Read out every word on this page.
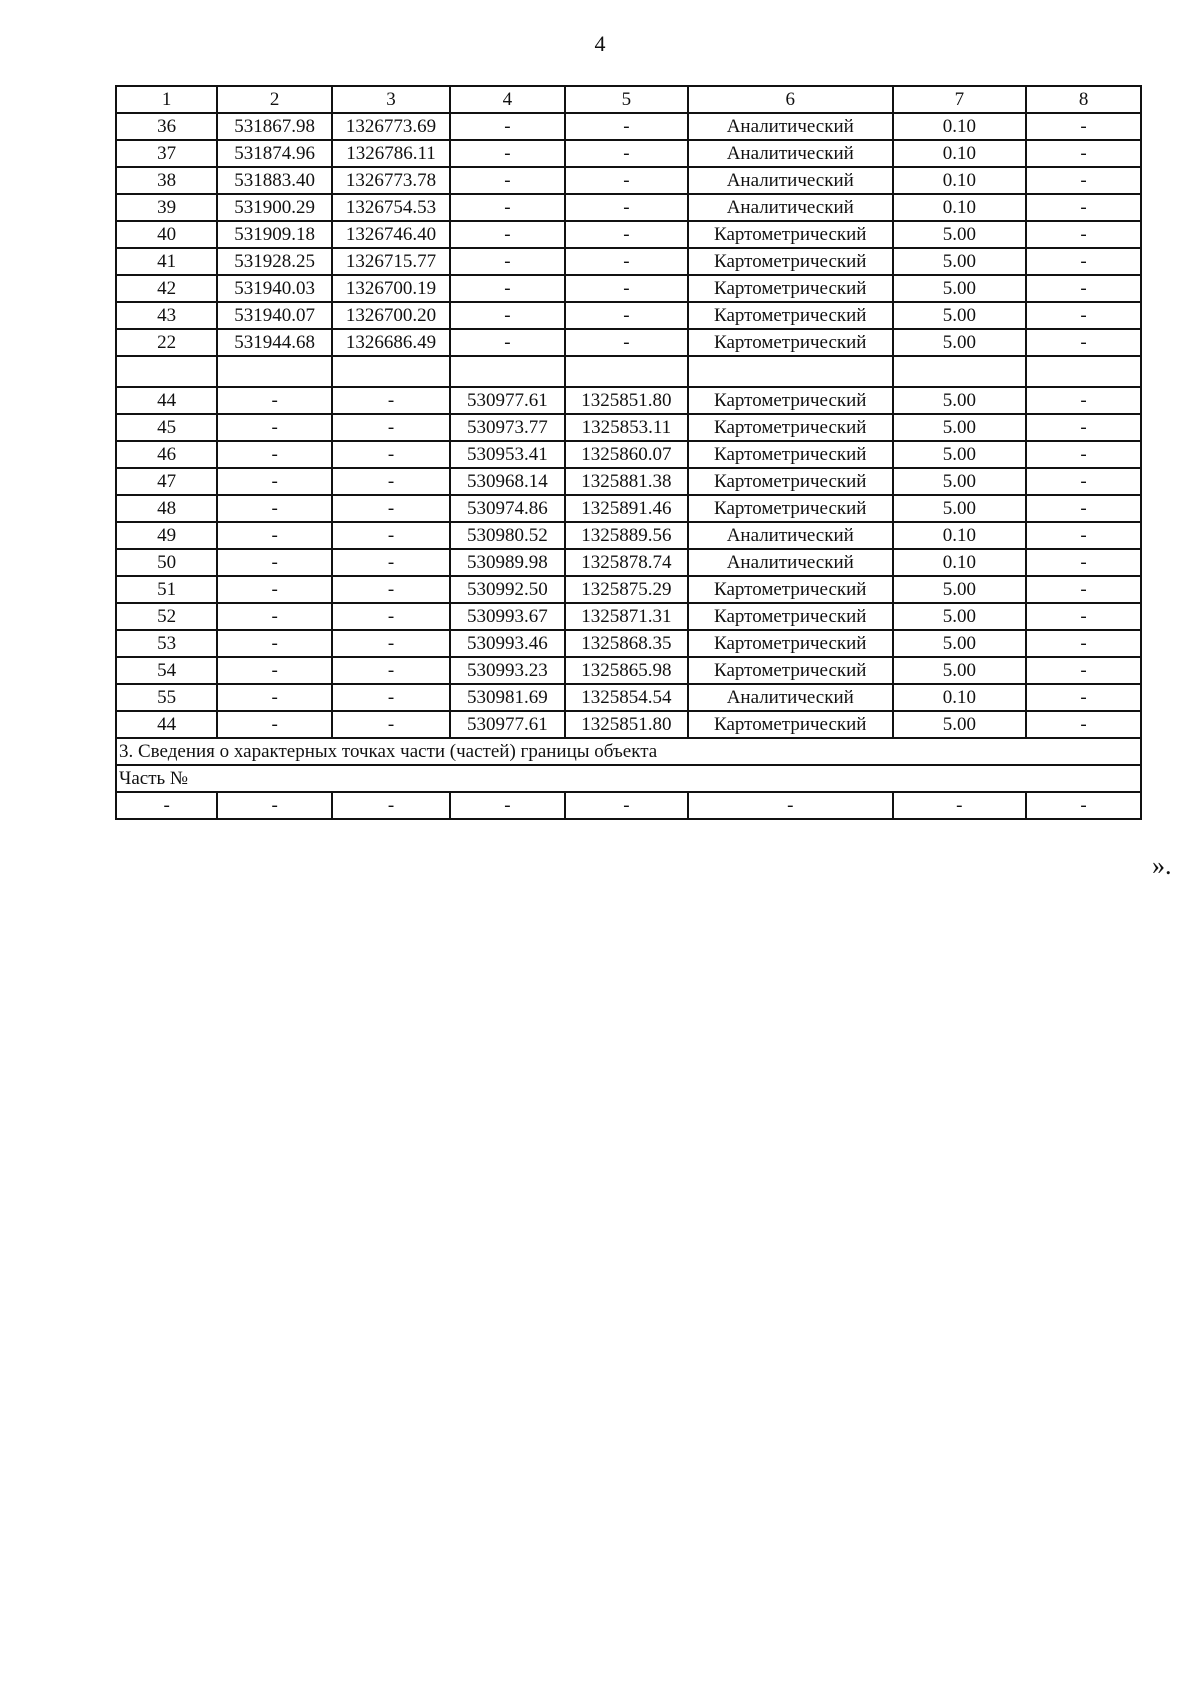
4
1	2	3	4	5	6	7	8
36	531867.98	1326773.69	-	-	Аналитический	0.10	-
37	531874.96	1326786.11	-	-	Аналитический	0.10	-
38	531883.40	1326773.78	-	-	Аналитический	0.10	-
39	531900.29	1326754.53	-	-	Аналитический	0.10	-
40	531909.18	1326746.40	-	-	Картометрический	5.00	-
41	531928.25	1326715.77	-	-	Картометрический	5.00	-
42	531940.03	1326700.19	-	-	Картометрический	5.00	-
43	531940.07	1326700.20	-	-	Картометрический	5.00	-
22	531944.68	1326686.49	-	-	Картометрический	5.00	-

44	-	-	530977.61	1325851.80	Картометрический	5.00	-
45	-	-	530973.77	1325853.11	Картометрический	5.00	-
46	-	-	530953.41	1325860.07	Картометрический	5.00	-
47	-	-	530968.14	1325881.38	Картометрический	5.00	-
48	-	-	530974.86	1325891.46	Картометрический	5.00	-
49	-	-	530980.52	1325889.56	Аналитический	0.10	-
50	-	-	530989.98	1325878.74	Аналитический	0.10	-
51	-	-	530992.50	1325875.29	Картометрический	5.00	-
52	-	-	530993.67	1325871.31	Картометрический	5.00	-
53	-	-	530993.46	1325868.35	Картометрический	5.00	-
54	-	-	530993.23	1325865.98	Картометрический	5.00	-
55	-	-	530981.69	1325854.54	Аналитический	0.10	-
44	-	-	530977.61	1325851.80	Картометрический	5.00	-
3. Сведения о характерных точках части (частей) границы объекта							
Часть №							
-	-	-	-	-	-	-	-
».
